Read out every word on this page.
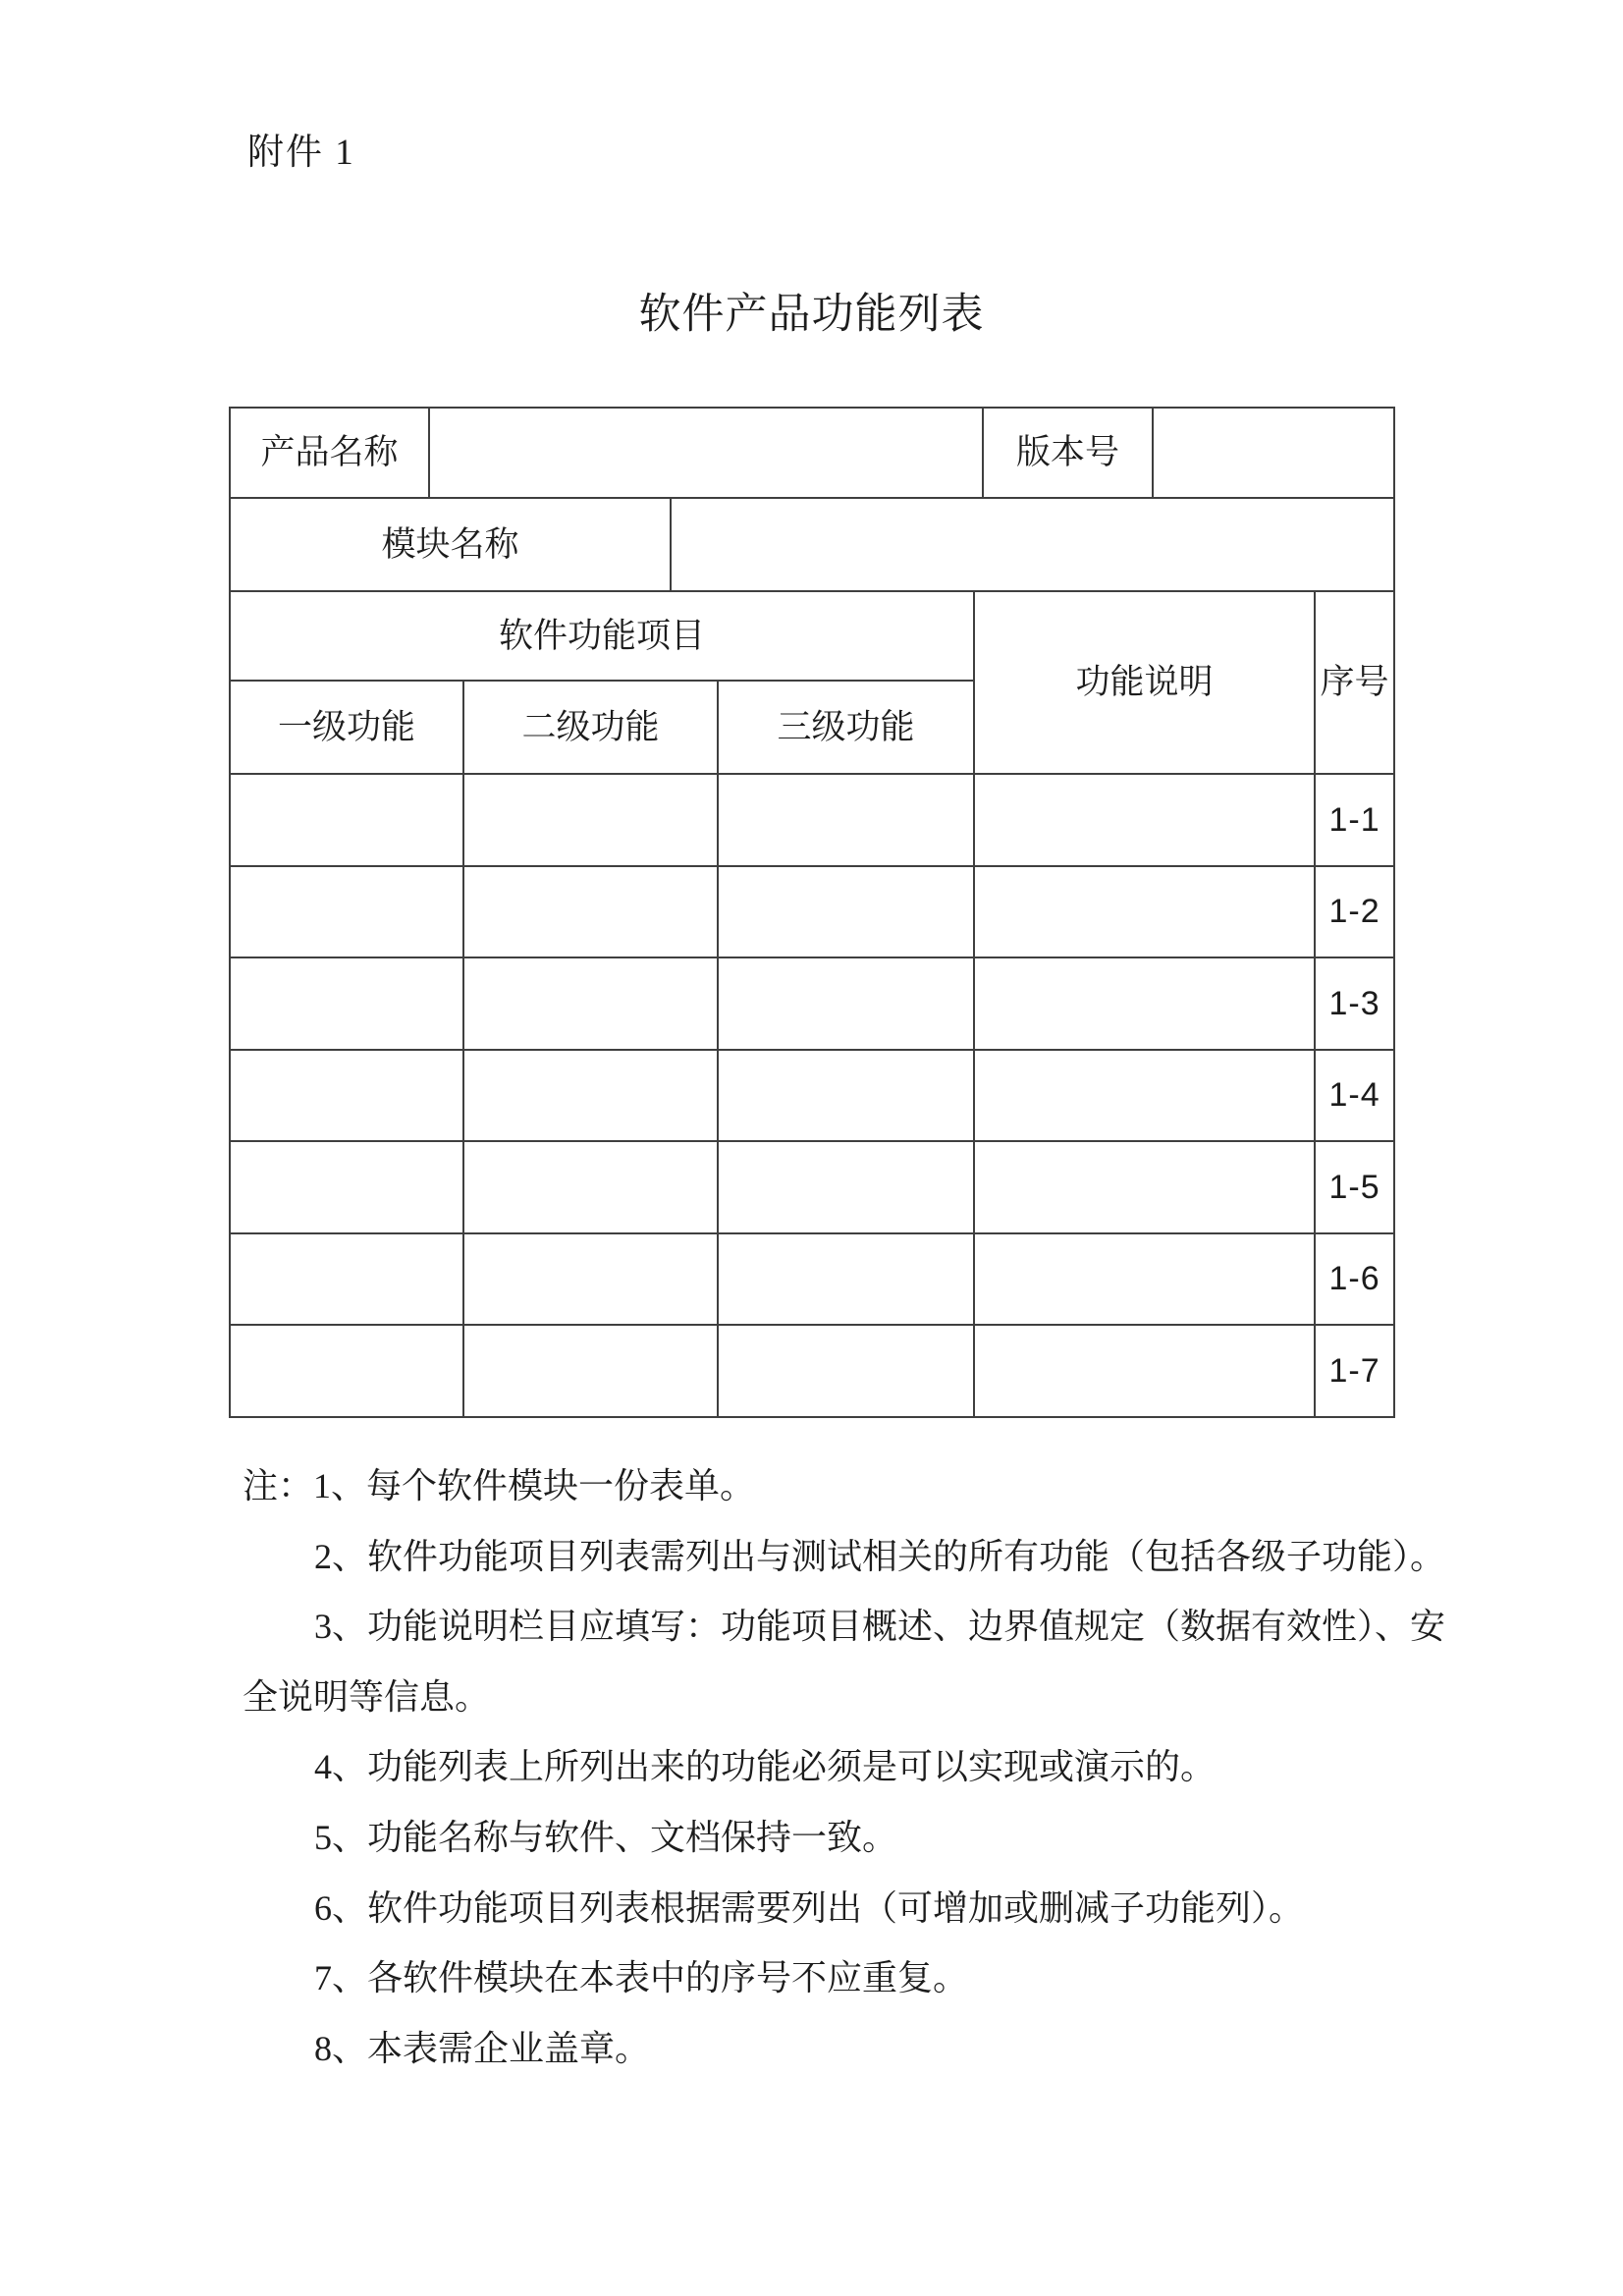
附件 1
软件产品功能列表
产品名称						版本号		
模块名称								
软件功能项目					功能说明			序号
一级功能		二级功能		三级功能				
								1-1
								1-2
								1-3
								1-4
								1-5
								1-6
								1-7
注：1、每个软件模块一份表单。
2、软件功能项目列表需列出与测试相关的所有功能（包括各级子功能）。
3、功能说明栏目应填写：功能项目概述、边界值规定（数据有效性）、安
全说明等信息。
4、功能列表上所列出来的功能必须是可以实现或演示的。
5、功能名称与软件、文档保持一致。
6、软件功能项目列表根据需要列出（可增加或删减子功能列）。
7、各软件模块在本表中的序号不应重复。
8、本表需企业盖章。
